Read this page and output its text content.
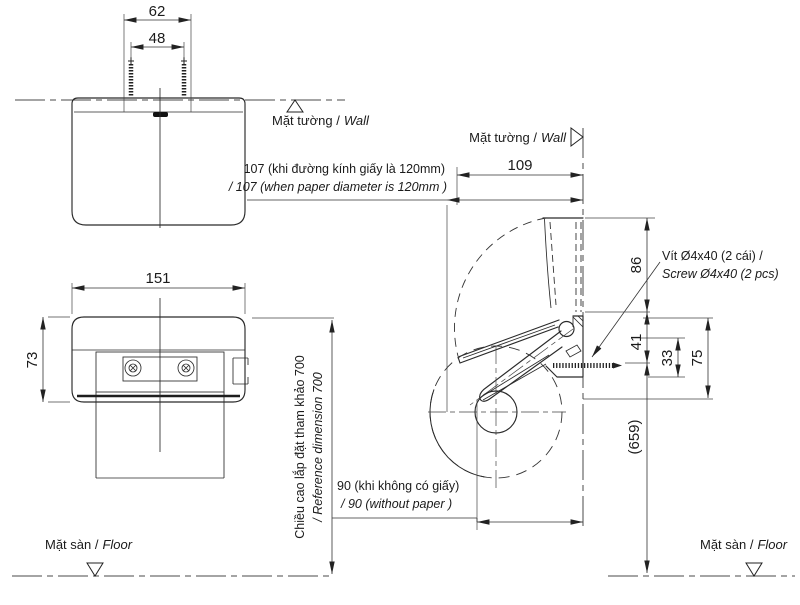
Mặt tường / Wall
48
62
151
73	Chiều cao lắp đặt tham khảo 700 / Reference dimension 700
Mặt sàn / Floor	Mặt sàn / Floor
Mặt tường / Wall
109
107 (khi đường kính giấy là 120mm)
/ 107 (when paper diameter is 120mm )
Vít Ø4x40 (2 cái) /
Screw Ø4x40 (2 pcs)
86
41
33 75
(659)
90 (khi không có giấy)
/ 90 (without paper )
